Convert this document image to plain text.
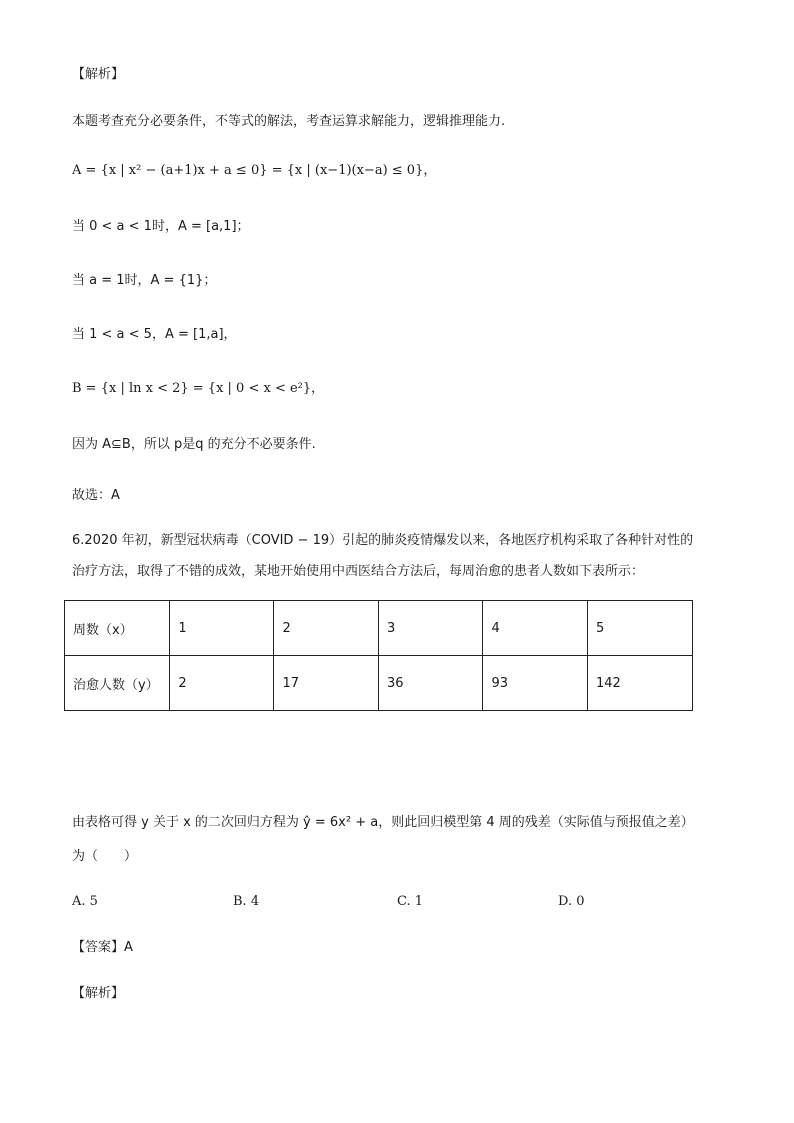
【解析】
本题考查充分必要条件，不等式的解法，考查运算求解能力，逻辑推理能力.
A = {x | x² − (a+1)x + a ≤ 0} = {x | (x−1)(x−a) ≤ 0}，
当 0 < a < 1时，A = [a,1]；
当 a = 1时，A = {1}；
当 1 < a < 5，A = [1,a]，
B = {x | ln x < 2} = {x | 0 < x < e²}，
因为 A⊆B，所以 p是q 的充分不必要条件.
故选：A
6.2020 年初，新型冠状病毒（COVID − 19）引起的肺炎疫情爆发以来，各地医疗机构采取了各种针对性的
治疗方法，取得了不错的成效，某地开始使用中西医结合方法后，每周治愈的患者人数如下表所示：
周数（x）	1	2	3	4	5
治愈人数（y）	2	17	36	93	142
由表格可得 y 关于 x 的二次回归方程为 ŷ = 6x² + a，则此回归模型第 4 周的残差（实际值与预报值之差）
为（　　）
A. 5	B. 4	C. 1	D. 0
【答案】A
【解析】
